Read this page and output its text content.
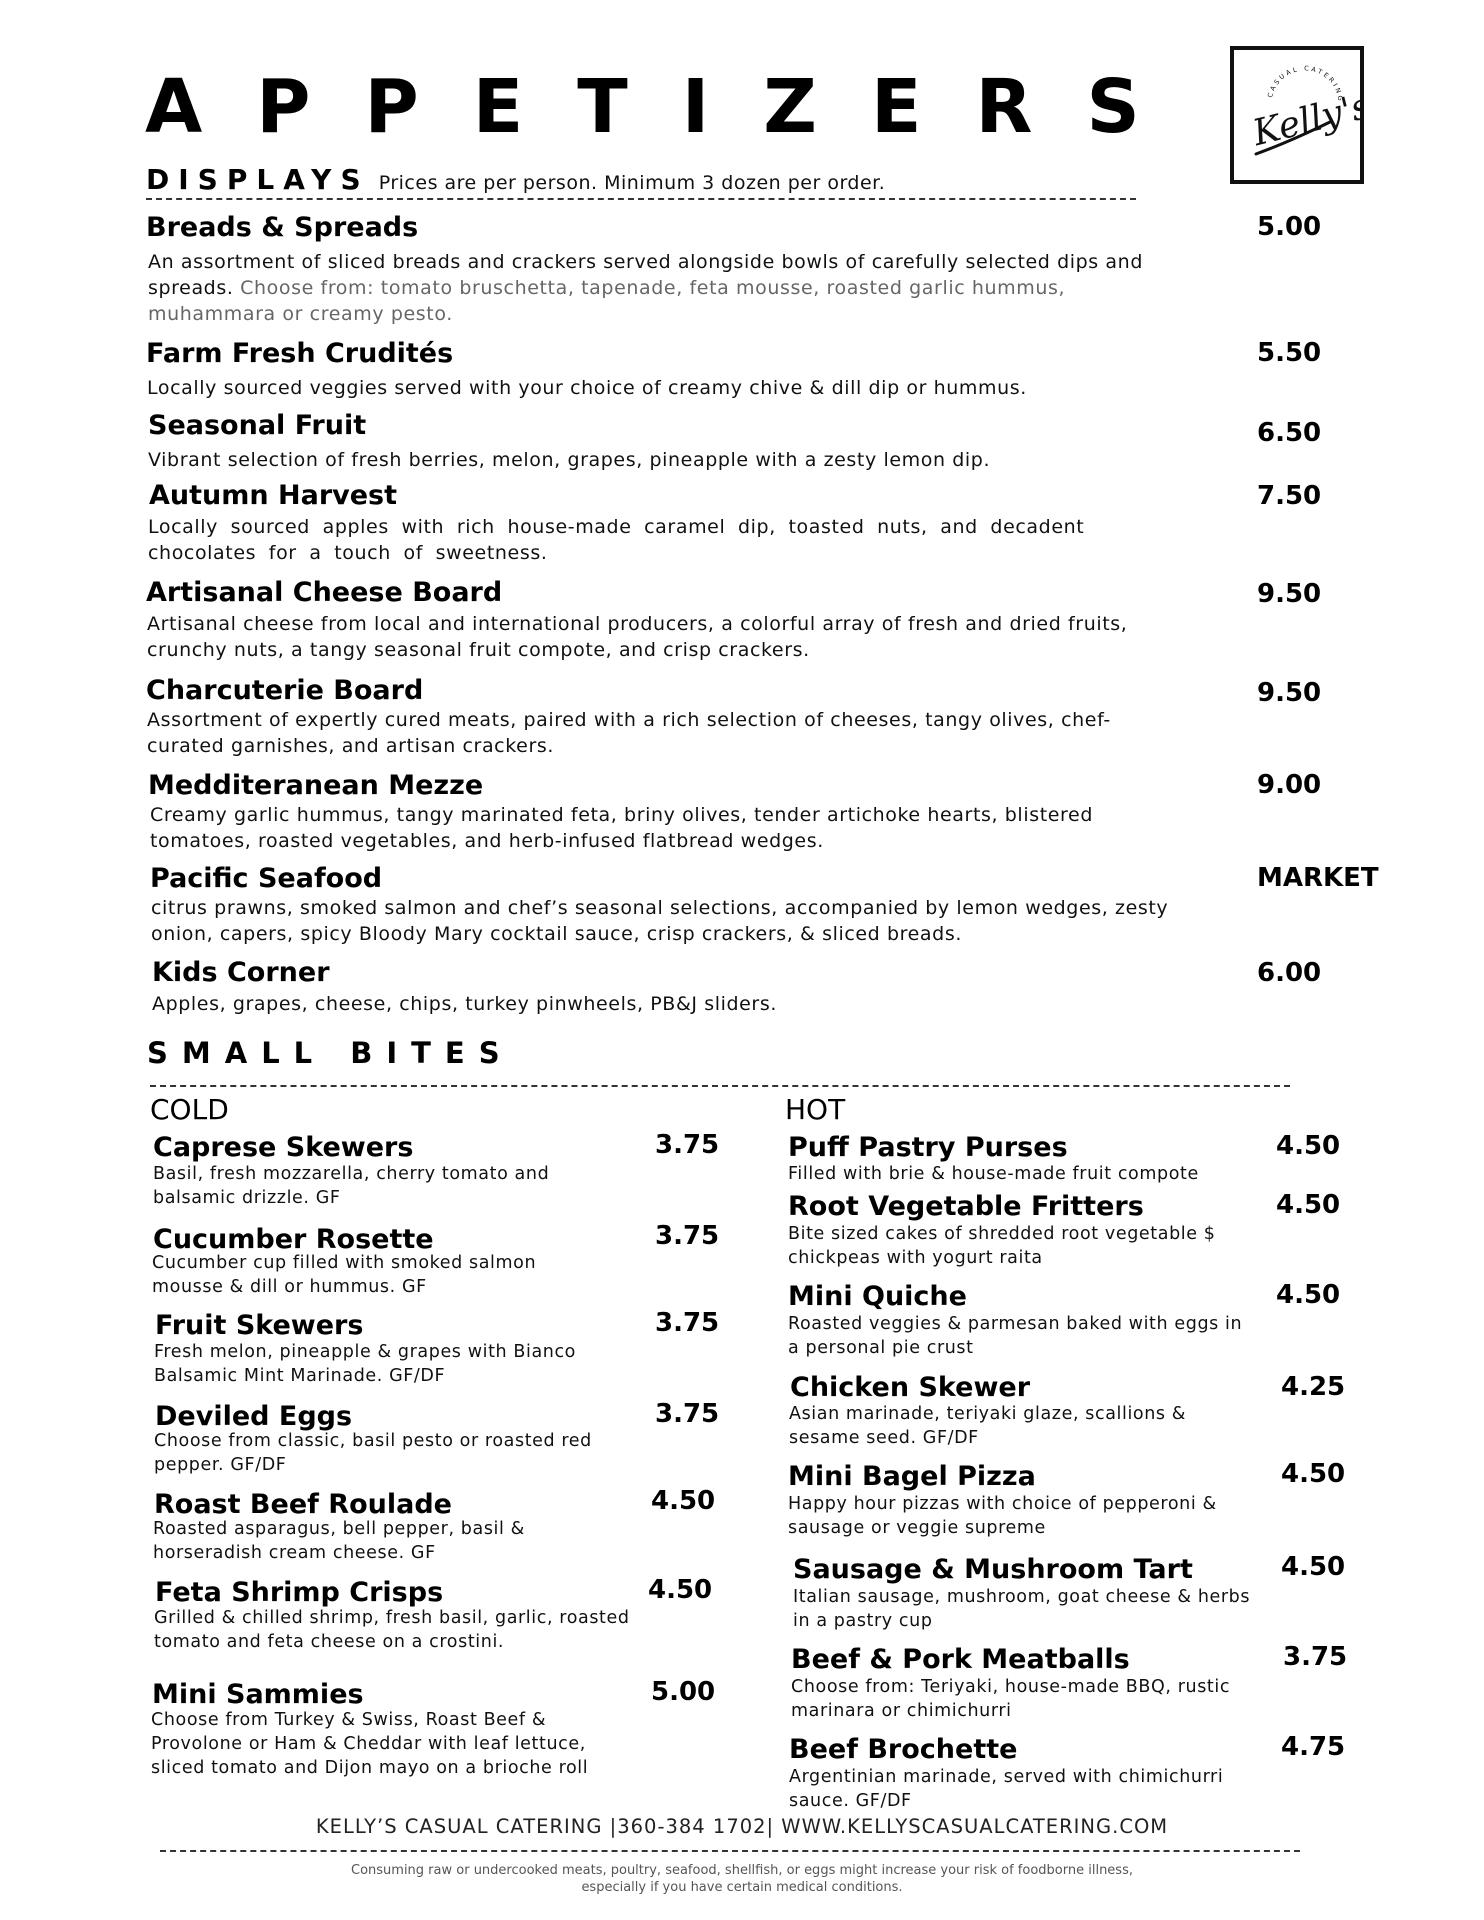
APPETIZERS	CASUAL CATERING
Kelly's
DISPLAYS Prices are per person. Minimum 3 dozen per order.
Breads & Spreads	5.00
An assortment of sliced breads and crackers served alongside bowls of carefully selected dips and spreads. Choose from: tomato bruschetta, tapenade, feta mousse, roasted garlic hummus, muhammara or creamy pesto.
Farm Fresh Crudités	5.50
Locally sourced veggies served with your choice of creamy chive & dill dip or hummus.
Seasonal Fruit	6.50
Vibrant selection of fresh berries, melon, grapes, pineapple with a zesty lemon dip.
Autumn Harvest	7.50
Locally sourced apples with rich house-made caramel dip, toasted nuts, and decadent chocolates for a touch of sweetness.
Artisanal Cheese Board	9.50
Artisanal cheese from local and international producers, a colorful array of fresh and dried fruits, crunchy nuts, a tangy seasonal fruit compote, and crisp crackers.
Charcuterie Board	9.50
Assortment of expertly cured meats, paired with a rich selection of cheeses, tangy olives, chef-curated garnishes, and artisan crackers.
Medditeranean Mezze	9.00
Creamy garlic hummus, tangy marinated feta, briny olives, tender artichoke hearts, blistered tomatoes, roasted vegetables, and herb-infused flatbread wedges.
Pacific Seafood	MARKET
citrus prawns, smoked salmon and chef’s seasonal selections, accompanied by lemon wedges, zesty onion, capers, spicy Bloody Mary cocktail sauce, crisp crackers, & sliced breads.
Kids Corner	6.00
Apples, grapes, cheese, chips, turkey pinwheels, PB&J sliders.
SMALL BITES
COLD	HOT
Caprese Skewers	3.75
Basil, fresh mozzarella, cherry tomato and balsamic drizzle. GF
Cucumber Rosette	3.75
Cucumber cup filled with smoked salmon mousse & dill or hummus. GF
Fruit Skewers	3.75
Fresh melon, pineapple & grapes with Bianco Balsamic Mint Marinade. GF/DF
Deviled Eggs	3.75
Choose from classic, basil pesto or roasted red pepper. GF/DF
Roast Beef Roulade	4.50
Roasted asparagus, bell pepper, basil & horseradish cream cheese. GF
Feta Shrimp Crisps	4.50
Grilled & chilled shrimp, fresh basil, garlic, roasted tomato and feta cheese on a crostini.
Mini Sammies	5.00
Choose from Turkey & Swiss, Roast Beef & Provolone or Ham & Cheddar with leaf lettuce, sliced tomato and Dijon mayo on a brioche roll
Puff Pastry Purses	4.50
Filled with brie & house-made fruit compote
Root Vegetable Fritters	4.50
Bite sized cakes of shredded root vegetable $ chickpeas with yogurt raita
Mini Quiche	4.50
Roasted veggies & parmesan baked with eggs in a personal pie crust
Chicken Skewer	4.25
Asian marinade, teriyaki glaze, scallions & sesame seed. GF/DF
Mini Bagel Pizza	4.50
Happy hour pizzas with choice of pepperoni & sausage or veggie supreme
Sausage & Mushroom Tart	4.50
Italian sausage, mushroom, goat cheese & herbs in a pastry cup
Beef & Pork Meatballs	3.75
Choose from: Teriyaki, house-made BBQ, rustic marinara or chimichurri
Beef Brochette	4.75
Argentinian marinade, served with chimichurri sauce. GF/DF
KELLY’S CASUAL CATERING |360-384 1702| WWW.KELLYSCASUALCATERING.COM
Consuming raw or undercooked meats, poultry, seafood, shellfish, or eggs might increase your risk of foodborne illness,
especially if you have certain medical conditions.
